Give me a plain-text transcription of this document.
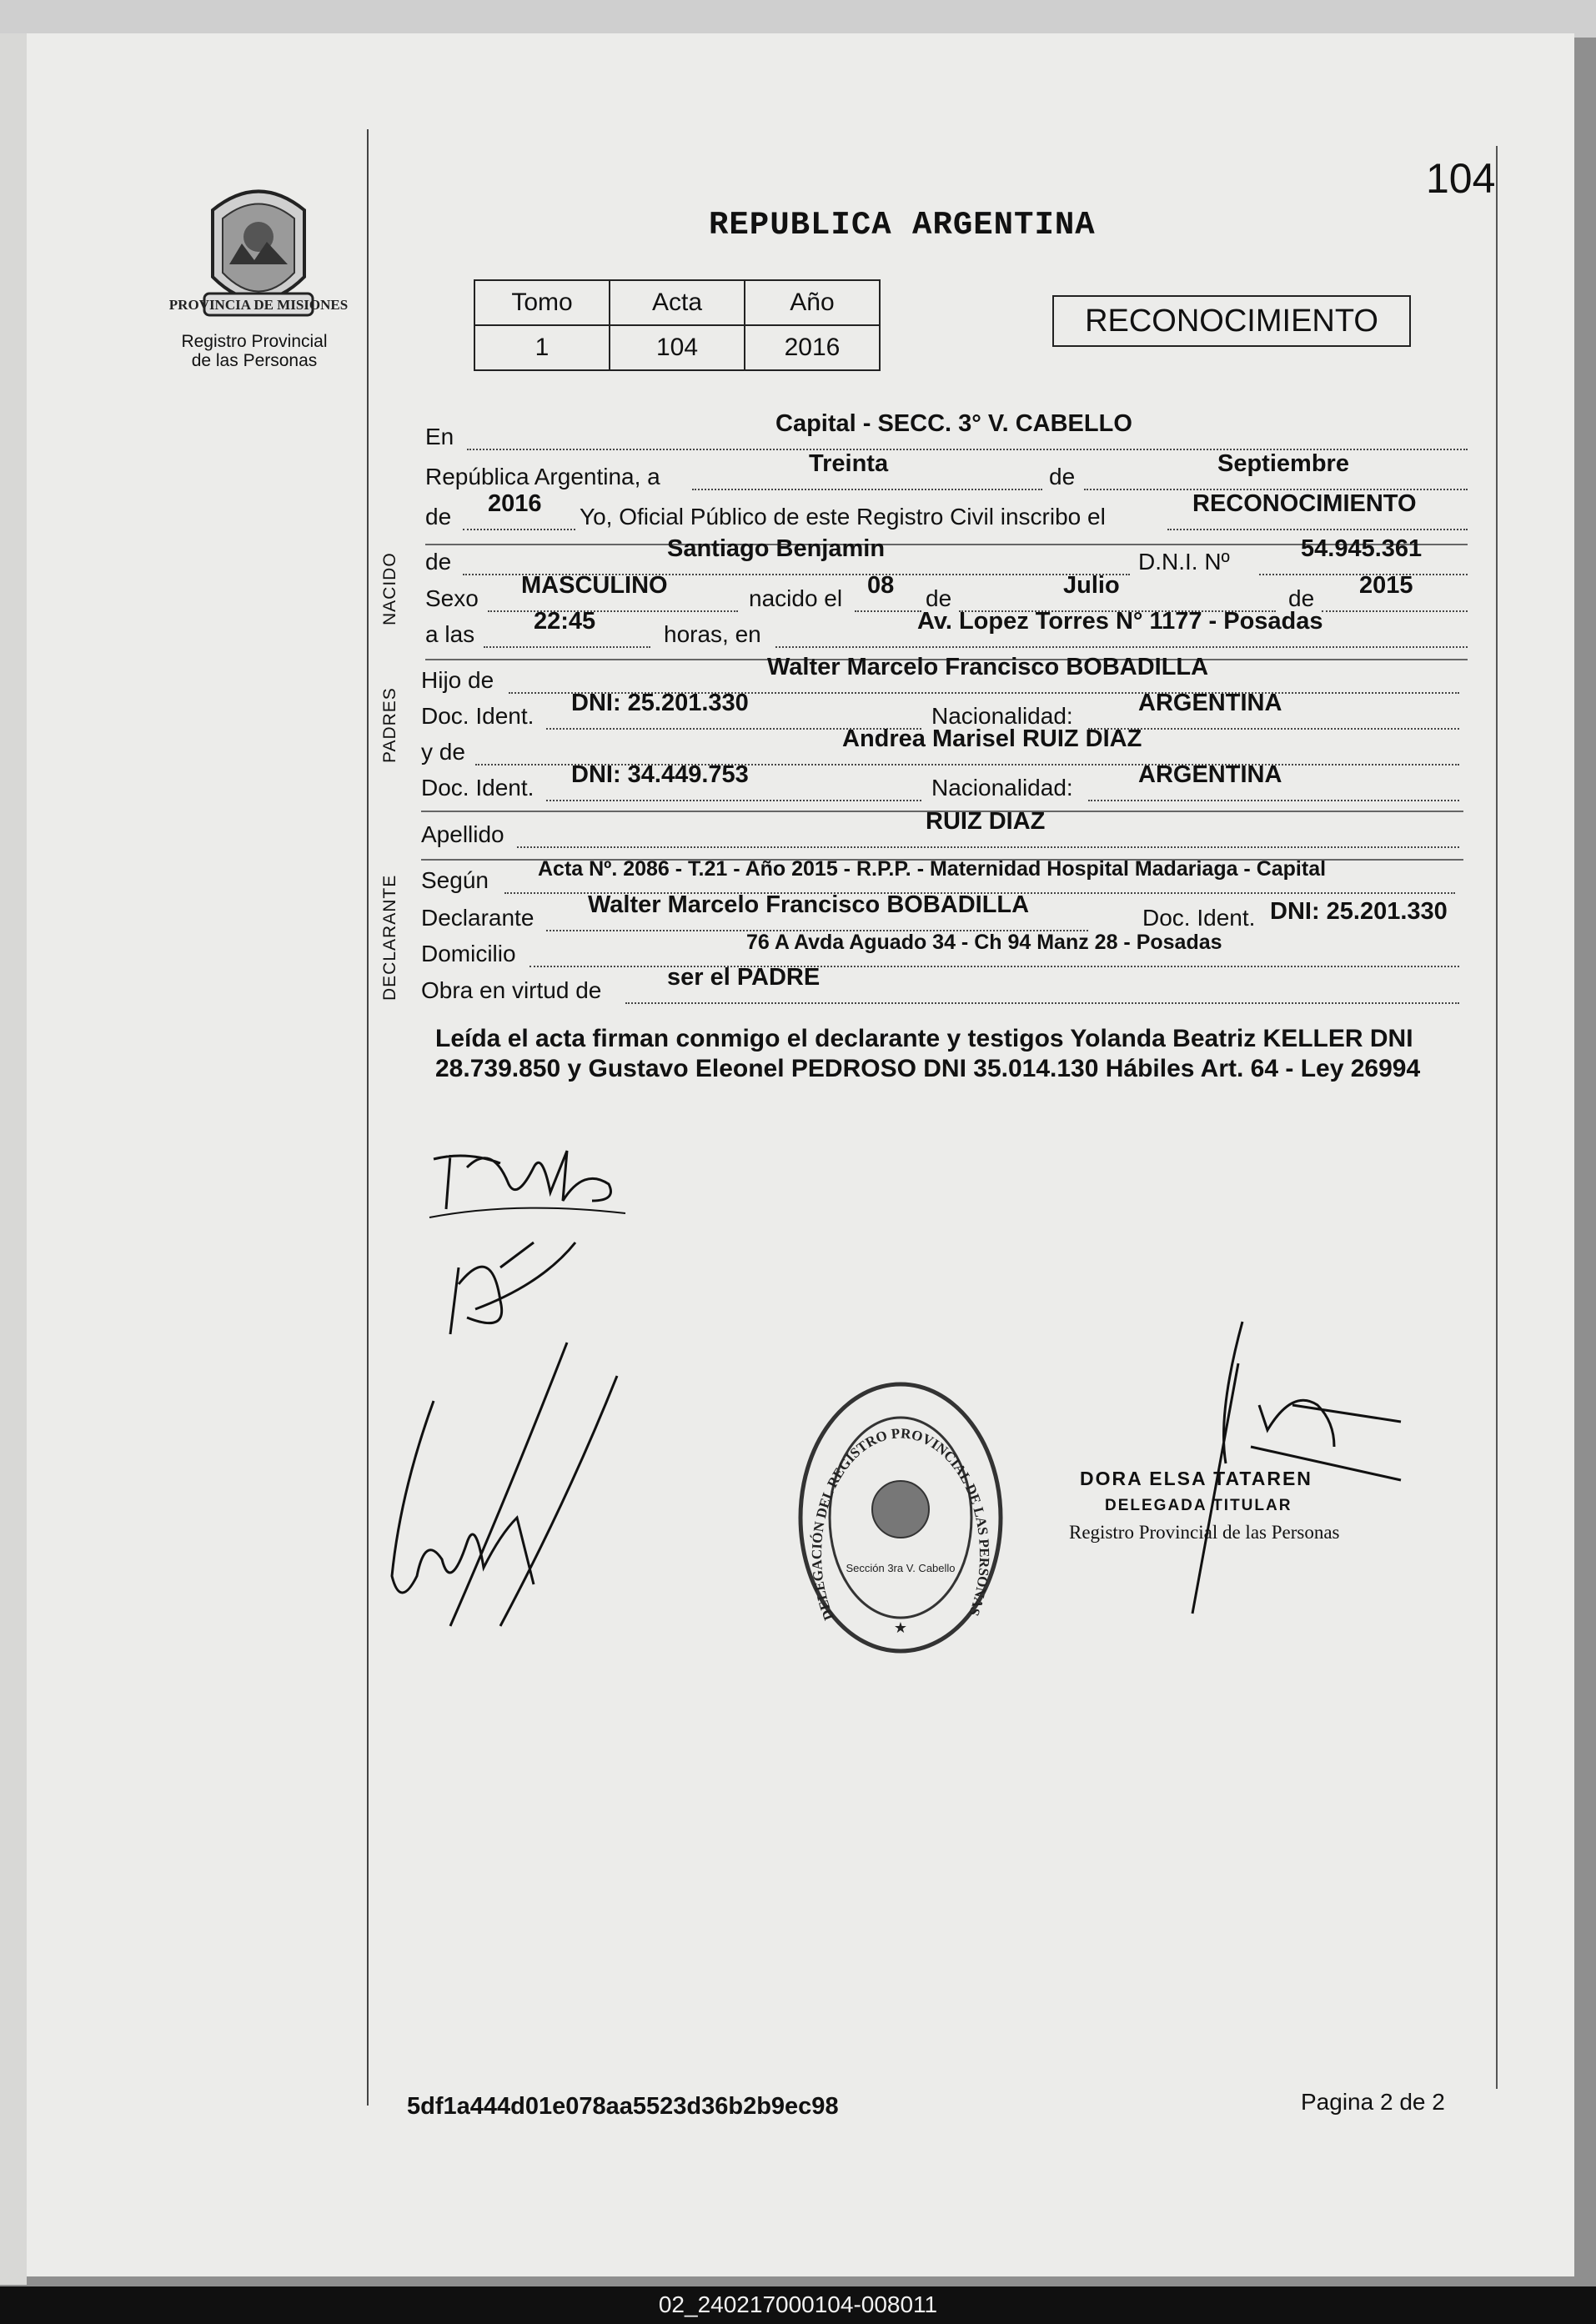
104
PROVINCIA DE MISIONES
Registro Provincial
de las Personas
REPUBLICA ARGENTINA
Tomo	Acta	Año
1	104	2016
RECONOCIMIENTO
NACIDO
PADRES
DECLARANTE
En	Capital - SECC. 3° V. CABELLO
República Argentina, a	Treinta	de	Septiembre
de 2016 Yo, Oficial Público de este Registro Civil inscribo el	RECONOCIMIENTO
de	Santiago Benjamin	D.N.I. Nº	54.945.361
Sexo MASCULINO	nacido el 08 de	Julio	de 2015
a las 22:45	horas, en	Av. Lopez Torres N° 1177 - Posadas
Hijo de	Walter Marcelo Francisco BOBADILLA
Doc. Ident. DNI: 25.201.330	Nacionalidad:	ARGENTINA
y de	Andrea Marisel RUIZ DIAZ
Doc. Ident. DNI: 34.449.753	Nacionalidad:	ARGENTINA
Apellido	RUIZ DIAZ
Según Acta Nº. 2086 - T.21 - Año 2015 - R.P.P. - Maternidad Hospital Madariaga - Capital
Declarante Walter Marcelo Francisco BOBADILLA	Doc. Ident. DNI: 25.201.330
Domicilio	76 A Avda Aguado 34 - Ch 94 Manz 28 - Posadas
Obra en virtud de	ser el PADRE
Leída el acta firman conmigo el declarante y testigos Yolanda Beatriz KELLER DNI 28.739.850 y Gustavo Eleonel PEDROSO DNI 35.014.130 Hábiles Art. 64 - Ley 26994
DELEGACIÓN DEL REGISTRO PROVINCIAL DE LAS PERSONAS
Sección 3ra V. Cabello
★
DORA ELSA TATAREN
DELEGADA TITULAR
Registro Provincial de las Personas
5df1a444d01e078aa5523d36b2b9ec98	Pagina 2 de 2
02_240217000104-008011
